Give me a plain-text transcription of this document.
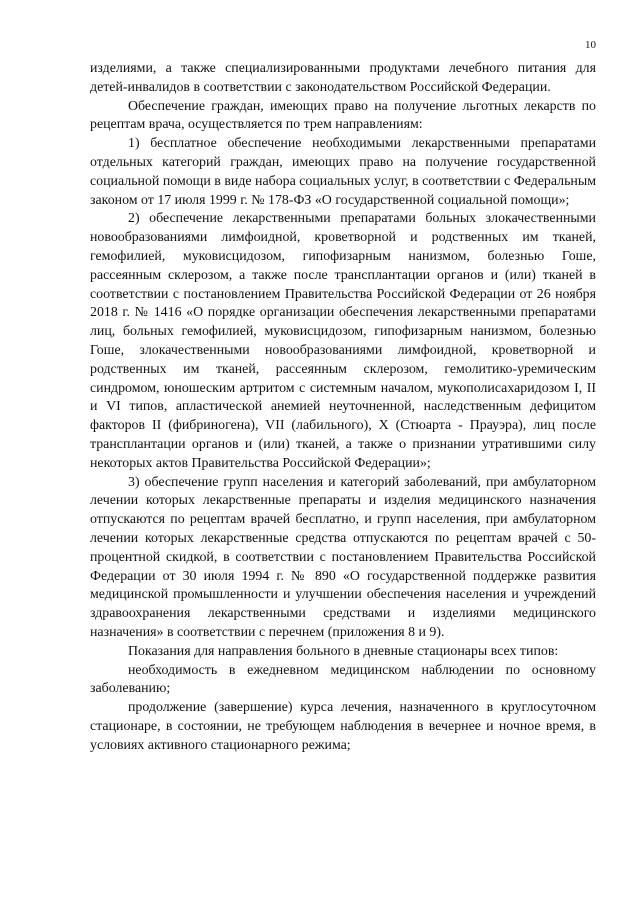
10

изделиями, а также специализированными продуктами лечебного питания для детей-инвалидов в соответствии с законодательством Российской Федерации.

Обеспечение граждан, имеющих право на получение льготных лекарств по рецептам врача, осуществляется по трем направлениям:

1) бесплатное обеспечение необходимыми лекарственными препаратами отдельных категорий граждан, имеющих право на получение государственной социальной помощи в виде набора социальных услуг, в соответствии с Федеральным законом от 17 июля 1999 г. № 178-ФЗ «О государственной социальной помощи»;

2) обеспечение лекарственными препаратами больных злокачественными новообразованиями лимфоидной, кроветворной и родственных им тканей, гемофилией, муковисцидозом, гипофизарным нанизмом, болезнью Гоше, рассеянным склерозом, а также после трансплантации органов и (или) тканей в соответствии с постановлением Правительства Российской Федерации от 26 ноября 2018 г. № 1416 «О порядке организации обеспечения лекарственными препаратами лиц, больных гемофилией, муковисцидозом, гипофизарным нанизмом, болезнью Гоше, злокачественными новообразованиями лимфоидной, кроветворной и родственных им тканей, рассеянным склерозом, гемолитико-уремическим синдромом, юношеским артритом с системным началом, мукополисахаридозом I, II и VI типов, апластической анемией неуточненной, наследственным дефицитом факторов II (фибриногена), VII (лабильного), X (Стюарта - Прауэра), лиц после трансплантации органов и (или) тканей, а также о признании утратившими силу некоторых актов Правительства Российской Федерации»;

3) обеспечение групп населения и категорий заболеваний, при амбулаторном лечении которых лекарственные препараты и изделия медицинского назначения отпускаются по рецептам врачей бесплатно, и групп населения, при амбулаторном лечении которых лекарственные средства отпускаются по рецептам врачей с 50-процентной скидкой, в соответствии с постановлением Правительства Российской Федерации от 30 июля 1994 г. № 890 «О государственной поддержке развития медицинской промышленности и улучшении обеспечения населения и учреждений здравоохранения лекарственными средствами и изделиями медицинского назначения» в соответствии с перечнем (приложения 8 и 9).

Показания для направления больного в дневные стационары всех типов:

необходимость в ежедневном медицинском наблюдении по основному заболеванию;

продолжение (завершение) курса лечения, назначенного в круглосуточном стационаре, в состоянии, не требующем наблюдения в вечернее и ночное время, в условиях активного стационарного режима;
